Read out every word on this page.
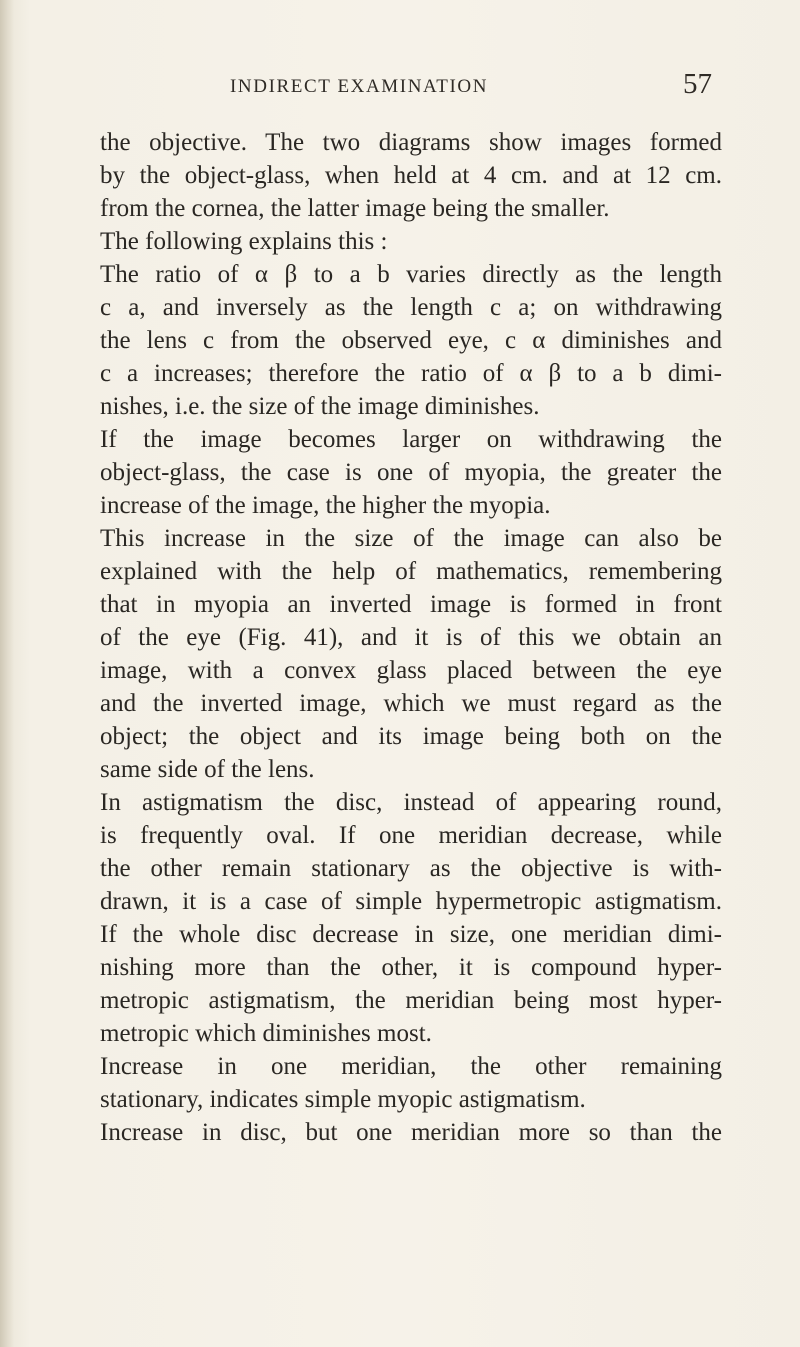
INDIRECT EXAMINATION	57
the objective. The two diagrams show images formed
by the object-glass, when held at 4 cm. and at 12 cm.
from the cornea, the latter image being the smaller.
The following explains this :
The ratio of α β to a b varies directly as the length
c a, and inversely as the length c a; on withdrawing
the lens c from the observed eye, c α diminishes and
c a increases; therefore the ratio of α β to a b dimi-
nishes, i.e. the size of the image diminishes.
If the image becomes larger on withdrawing the
object-glass, the case is one of myopia, the greater the
increase of the image, the higher the myopia.
This increase in the size of the image can also be
explained with the help of mathematics, remembering
that in myopia an inverted image is formed in front
of the eye (Fig. 41), and it is of this we obtain an
image, with a convex glass placed between the eye
and the inverted image, which we must regard as the
object; the object and its image being both on the
same side of the lens.
In astigmatism the disc, instead of appearing round,
is frequently oval. If one meridian decrease, while
the other remain stationary as the objective is with-
drawn, it is a case of simple hypermetropic astigmatism.
If the whole disc decrease in size, one meridian dimi-
nishing more than the other, it is compound hyper-
metropic astigmatism, the meridian being most hyper-
metropic which diminishes most.
Increase in one meridian, the other remaining
stationary, indicates simple myopic astigmatism.
Increase in disc, but one meridian more so than the
